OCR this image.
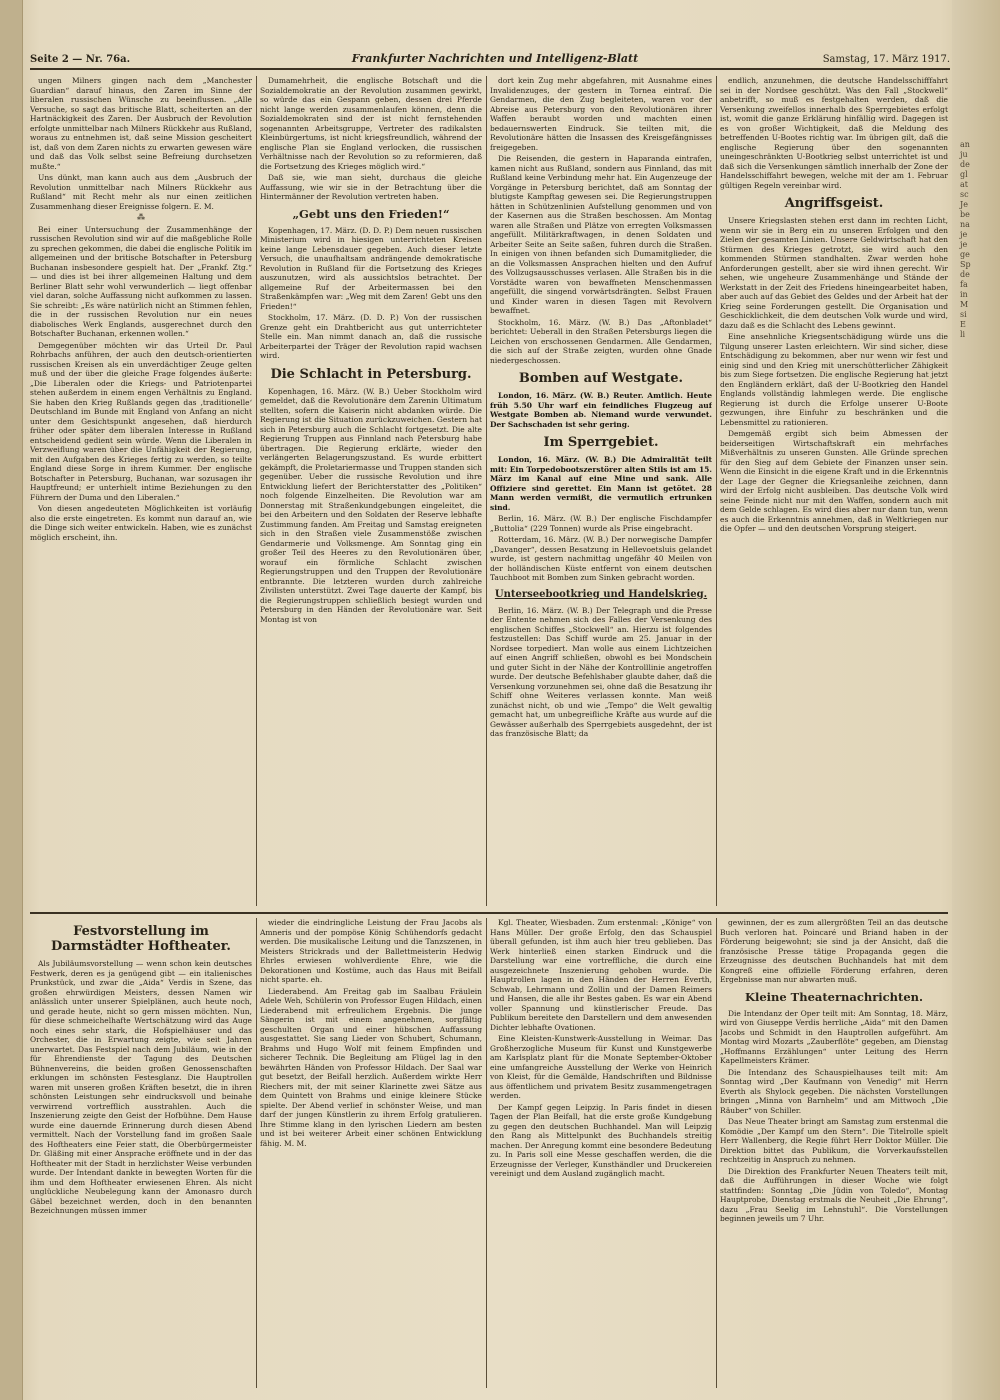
an
ju
de
gl
at
sc
Je
be
na
je
je
ge
Sp
de
fa
in
M
si
E
li
Seite 2 — Nr. 76a.	Frankfurter Nachrichten und Intelligenz-Blatt	Samstag, 17. März 1917.

ungen Milners gingen nach dem „Manchester Guardian“ darauf hinaus, den Zaren im Sinne der liberalen russischen Wünsche zu beeinflussen. „Alle Versuche, so sagt das britische Blatt, scheiterten an der Hartnäckigkeit des Zaren. Der Ausbruch der Revolution erfolgte unmittelbar nach Milners Rückkehr aus Rußland, woraus zu entnehmen ist, daß seine Mission gescheitert ist, daß von dem Zaren nichts zu erwarten gewesen wäre und daß das Volk selbst seine Befreiung durchsetzen mußte.“

Uns dünkt, man kann auch aus dem „Ausbruch der Revolution unmittelbar nach Milners Rückkehr aus Rußland“ mit Recht mehr als nur einen zeitlichen Zusammenhang dieser Ereignisse folgern. E. M.

⁂

Bei einer Untersuchung der Zusammenhänge der russischen Revolution sind wir auf die maßgebliche Rolle zu sprechen gekommen, die dabei die englische Politik im allgemeinen und der britische Botschafter in Petersburg Buchanan insbesondere gespielt hat. Der „Frankf. Ztg.“ — und dies ist bei ihrer allgemeinen Haltung und dem Berliner Blatt sehr wohl verwunderlich — liegt offenbar viel daran, solche Auffassung nicht aufkommen zu lassen. Sie schreibt: „Es wäre natürlich nicht an Stimmen fehlen, die in der russischen Revolution nur ein neues diabolisches Werk Englands, ausgerechnet durch den Botschafter Buchanan, erkennen wollen.“

Demgegenüber möchten wir das Urteil Dr. Paul Rohrbachs anführen, der auch den deutsch-orientierten russischen Kreisen als ein unverdächtiger Zeuge gelten muß und der über die gleiche Frage folgendes äußerte: „Die Liberalen oder die Kriegs- und Patriotenpartei stehen außerdem in einem engen Verhältnis zu England. Sie haben den Krieg Rußlands gegen das ‚traditionelle‘ Deutschland im Bunde mit England von Anfang an nicht unter dem Gesichtspunkt angesehen, daß hierdurch früher oder später dem liberalen Interesse in Rußland entscheidend gedient sein würde. Wenn die Liberalen in Verzweiflung waren über die Unfähigkeit der Regierung, mit den Aufgaben des Krieges fertig zu werden, so teilte England diese Sorge in ihrem Kummer. Der englische Botschafter in Petersburg, Buchanan, war sozusagen ihr Hauptfreund; er unterhielt intime Beziehungen zu den Führern der Duma und den Liberalen.“

Von diesen angedeuteten Möglichkeiten ist vorläufig also die erste eingetreten. Es kommt nun darauf an, wie die Dinge sich weiter entwickeln. Haben, wie es zunächst möglich erscheint, ihn.

Dumamehrheit, die englische Botschaft und die Sozialdemokratie an der Revolution zusammen gewirkt, so würde das ein Gespann geben, dessen drei Pferde nicht lange werden zusammenlaufen können, denn die Sozialdemokraten sind der ist nicht fernstehenden sogenannten Arbeitsgruppe, Vertreter des radikalsten Kleinbürgertums, ist nicht kriegsfreundlich, während der englische Plan sie England verlocken, die russischen Verhältnisse nach der Revolution so zu reformieren, daß die Fortsetzung des Krieges möglich wird.“

Daß sie, wie man sieht, durchaus die gleiche Auffassung, wie wir sie in der Betrachtung über die Hintermänner der Revolution vertreten haben.

„Gebt uns den Frieden!“

Kopenhagen, 17. März. (D. D. P.) Dem neuen russischen Ministerium wird in hiesigen unterrichteten Kreisen keine lange Lebensdauer gegeben. Auch dieser letzte Versuch, die unaufhaltsam andrängende demokratische Revolution in Rußland für die Fortsetzung des Krieges auszunutzen, wird als aussichtslos betrachtet. Der allgemeine Ruf der Arbeitermassen bei den Straßenkämpfen war: „Weg mit dem Zaren! Gebt uns den Frieden!“

Stockholm, 17. März. (D. D. P.) Von der russischen Grenze geht ein Drahtbericht aus gut unterrichteter Stelle ein. Man nimmt danach an, daß die russische Arbeiterpartei der Träger der Revolution rapid wachsen wird.

Die Schlacht in Petersburg.

Kopenhagen, 16. März. (W. B.) Ueber Stockholm wird gemeldet, daß die Revolutionäre dem Zarenin Ultimatum stellten, sofern die Kaiserin nicht abdanken würde. Die Regierung ist die Situation zurückzuweichen. Gestern hat sich in Petersburg auch die Schlacht fortgesetzt. Die alte Regierung Truppen aus Finnland nach Petersburg habe übertragen. Die Regierung erklärte, wieder den verlängerten Belagerungszustand. Es wurde erbittert gekämpft, die Proletariermasse und Truppen standen sich gegenüber. Ueber die russische Revolution und ihre Entwicklung liefert der Berichterstatter des „Politiken“ noch folgende Einzelheiten. Die Revolution war am Donnerstag mit Straßenkundgebungen eingeleitet, die bei den Arbeitern und den Soldaten der Reserve lebhafte Zustimmung fanden. Am Freitag und Samstag ereigneten sich in den Straßen viele Zusammenstöße zwischen Gendarmerie und Volksmenge. Am Sonntag ging ein großer Teil des Heeres zu den Revolutionären über, worauf ein förmliche Schlacht zwischen Regierungstruppen und den Truppen der Revolutionäre entbrannte. Die letzteren wurden durch zahlreiche Zivilisten unterstützt. Zwei Tage dauerte der Kampf, bis die Regierungstruppen schließlich besiegt wurden und Petersburg in den Händen der Revolutionäre war. Seit Montag ist von

dort kein Zug mehr abgefahren, mit Ausnahme eines Invalidenzuges, der gestern in Tornea eintraf. Die Gendarmen, die den Zug begleiteten, waren vor der Abreise aus Petersburg von den Revolutionären ihrer Waffen beraubt worden und machten einen bedauernswerten Eindruck. Sie teilten mit, die Revolutionäre hätten die Insassen des Kreisgefängnisses freigegeben.

Die Reisenden, die gestern in Haparanda eintrafen, kamen nicht aus Rußland, sondern aus Finnland, das mit Rußland keine Verbindung mehr hat. Ein Augenzeuge der Vorgänge in Petersburg berichtet, daß am Sonntag der blutigste Kampftag gewesen sei. Die Regierungstruppen hätten in Schützenlinien Aufstellung genommen und von der Kasernen aus die Straßen beschossen. Am Montag waren alle Straßen und Plätze von erregten Volksmassen angefüllt. Militärkraftwagen, in denen Soldaten und Arbeiter Seite an Seite saßen, fuhren durch die Straßen. In einigen von ihnen befanden sich Dumamitglieder, die an die Volksmassen Ansprachen hielten und den Aufruf des Vollzugsausschusses verlasen. Alle Straßen bis in die Vorstädte waren von bewaffneten Menschenmassen angefüllt, die singend vorwärtsdrängten. Selbst Frauen und Kinder waren in diesen Tagen mit Revolvern bewaffnet.

Stockholm, 16. März. (W. B.) Das „Aftonbladet“ berichtet: Ueberall in den Straßen Petersburgs liegen die Leichen von erschossenen Gendarmen. Alle Gendarmen, die sich auf der Straße zeigten, wurden ohne Gnade niedergeschossen.

Bomben auf Westgate.

London, 16. März. (W. B.) Reuter. Amtlich. Heute früh 5.50 Uhr warf ein feindliches Flugzeug auf Westgate Bomben ab. Niemand wurde verwundet. Der Sachschaden ist sehr gering.

Im Sperrgebiet.

London, 16. März. (W. B.) Die Admiralität teilt mit: Ein Torpedobootszerstörer alten Stils ist am 15. März im Kanal auf eine Mine und sank. Alle Offiziere sind gerettet. Ein Mann ist getötet. 28 Mann werden vermißt, die vermutlich ertrunken sind.

Berlin, 16. März. (W. B.) Der englische Fischdampfer „Buttolia“ (229 Tonnen) wurde als Prise eingebracht.

Rotterdam, 16. März. (W. B.) Der norwegische Dampfer „Davanger“, dessen Besatzung in Hellevoetsluis gelandet wurde, ist gestern nachmittag ungefähr 40 Meilen von der holländischen Küste entfernt von einem deutschen Tauchboot mit Bomben zum Sinken gebracht worden.

Unterseebootkrieg und Handelskrieg.

Berlin, 16. März. (W. B.) Der Telegraph und die Presse der Entente nehmen sich des Falles der Versenkung des englischen Schiffes „Stockwell“ an. Hierzu ist folgendes festzustellen: Das Schiff wurde am 25. Januar in der Nordsee torpediert. Man wolle aus einem Lichtzeichen auf einen Angriff schließen, obwohl es bei Mondschein und guter Sicht in der Nähe der Kontrolllinie angetroffen wurde. Der deutsche Befehlshaber glaubte daher, daß die Versenkung vorzunehmen sei, ohne daß die Besatzung ihr Schiff ohne Weiteres verlassen konnte. Man weiß zunächst nicht, ob und wie „Tempo“ die Welt gewaltig gemacht hat, um unbegreifliche Kräfte aus wurde auf die Gewässer außerhalb des Sperrgebiets ausgedehnt, der ist das französische Blatt; da

endlich, anzunehmen, die deutsche Handelsschifffahrt sei in der Nordsee geschützt. Was den Fall „Stockwell“ anbetrifft, so muß es festgehalten werden, daß die Versenkung zweifellos innerhalb des Sperrgebietes erfolgt ist, womit die ganze Erklärung hinfällig wird. Dagegen ist es von großer Wichtigkeit, daß die Meldung des betreffenden U-Bootes richtig war. Im übrigen gilt, daß die englische Regierung über den sogenannten uneingeschränkten U-Bootkrieg selbst unterrichtet ist und daß sich die Versenkungen sämtlich innerhalb der Zone der Handelsschiffahrt bewegen, welche mit der am 1. Februar gültigen Regeln vereinbar wird.

Angriffsgeist.

Unsere Kriegslasten stehen erst dann im rechten Licht, wenn wir sie in Berg ein zu unseren Erfolgen und den Zielen der gesamten Linien. Unsere Geldwirtschaft hat den Stürmen des Krieges getrotzt, sie wird auch den kommenden Stürmen standhalten. Zwar werden hohe Anforderungen gestellt, aber sie wird ihnen gerecht. Wir sehen, wie ungeheure Zusammenhänge und Stände der Werkstatt in der Zeit des Friedens hineingearbeitet haben, aber auch auf das Gebiet des Geldes und der Arbeit hat der Krieg seine Forderungen gestellt. Die Organisation und Geschicklichkeit, die dem deutschen Volk wurde und wird, dazu daß es die Schlacht des Lebens gewinnt.

Eine ansehnliche Kriegsentschädigung würde uns die Tilgung unserer Lasten erleichtern. Wir sind sicher, diese Entschädigung zu bekommen, aber nur wenn wir fest und einig sind und den Krieg mit unerschütterlicher Zähigkeit bis zum Siege fortsetzen. Die englische Regierung hat jetzt den Engländern erklärt, daß der U-Bootkrieg den Handel Englands vollständig lahmlegen werde. Die englische Regierung ist durch die Erfolge unserer U-Boote gezwungen, ihre Einfuhr zu beschränken und die Lebensmittel zu rationieren.

Demgemäß ergibt sich beim Abmessen der beiderseitigen Wirtschaftskraft ein mehrfaches Mißverhältnis zu unseren Gunsten. Alle Gründe sprechen für den Sieg auf dem Gebiete der Finanzen unser sein. Wenn die Einsicht in die eigene Kraft und in die Erkenntnis der Lage der Gegner die Kriegsanleihe zeichnen, dann wird der Erfolg nicht ausbleiben. Das deutsche Volk wird seine Feinde nicht nur mit den Waffen, sondern auch mit dem Gelde schlagen. Es wird dies aber nur dann tun, wenn es auch die Erkenntnis annehmen, daß in Weltkriegen nur die Opfer — und den deutschen Vorsprung steigert.

Festvorstellung im Darmstädter Hoftheater.

Als Jubiläumsvorstellung — wenn schon kein deutsches Festwerk, deren es ja genügend gibt — ein italienisches Prunkstück, und zwar die „Aida“ Verdis in Szene, das großen ehrwürdigen Meisters, dessen Namen wir anlässlich unter unserer Spielplänen, auch heute noch, und gerade heute, nicht so gern missen möchten. Nun, für diese schmeichelhafte Wertschätzung wird das Auge noch eines sehr stark, die Hofspielhäuser und das Orchester, die in Erwartung zeigte, wie seit Jahren unerwartet. Das Festspiel nach dem Jubiläum, wie in der für Ehrendienste der Tagung des Deutschen Bühnenvereins, die beiden großen Genossenschaften erklungen im schönsten Festesglanz. Die Hauptrollen waren mit unseren großen Kräften besetzt, die in ihren schönsten Leistungen sehr eindrucksvoll und beinahe verwirrend vortrefflich ausstrahlen. Auch die Inszenierung zeigte den Geist der Hofbühne. Dem Hause wurde eine dauernde Erinnerung durch diesen Abend vermittelt. Nach der Vorstellung fand im großen Saale des Hoftheaters eine Feier statt, die Oberbürgermeister Dr. Gläßing mit einer Ansprache eröffnete und in der das Hoftheater mit der Stadt in herzlichster Weise verbunden wurde. Der Intendant dankte in bewegten Worten für die ihm und dem Hoftheater erwiesenen Ehren. Als nicht unglückliche Neubelegung kann der Amonasro durch Gäbel bezeichnet werden, doch in den benannten Bezeichnungen müssen immer

wieder die eindringliche Leistung der Frau Jacobs als Amneris und der pompöse König Schühendorfs gedacht werden. Die musikalische Leitung und die Tanzszenen, in Meisters Strickrads und der Ballettmeisterin Hedwig Ehrles erwiesen wohlverdiente Ehre, wie die Dekorationen und Kostüme, auch das Haus mit Beifall nicht sparte. eh.

Liederabend. Am Freitag gab im Saalbau Fräulein Adele Weh, Schülerin von Professor Eugen Hildach, einen Liederabend mit erfreulichem Ergebnis. Die junge Sängerin ist mit einem angenehmen, sorgfältig geschulten Organ und einer hübschen Auffassung ausgestattet. Sie sang Lieder von Schubert, Schumann, Brahms und Hugo Wolf mit feinem Empfinden und sicherer Technik. Die Begleitung am Flügel lag in den bewährten Händen von Professor Hildach. Der Saal war gut besetzt, der Beifall herzlich. Außerdem wirkte Herr Riechers mit, der mit seiner Klarinette zwei Sätze aus dem Quintett von Brahms und einige kleinere Stücke spielte. Der Abend verlief in schönster Weise, und man darf der jungen Künstlerin zu ihrem Erfolg gratulieren. Ihre Stimme klang in den lyrischen Liedern am besten und ist bei weiterer Arbeit einer schönen Entwicklung fähig. M. M.

Kgl. Theater, Wiesbaden. Zum erstenmal: „Könige“ von Hans Müller. Der große Erfolg, den das Schauspiel überall gefunden, ist ihm auch hier treu geblieben. Das Werk hinterließ einen starken Eindruck und die Darstellung war eine vortreffliche, die durch eine ausgezeichnete Inszenierung gehoben wurde. Die Hauptrollen lagen in den Händen der Herren Everth, Schwab, Lehrmann und Zollin und der Damen Reimers und Hansen, die alle ihr Bestes gaben. Es war ein Abend voller Spannung und künstlerischer Freude. Das Publikum bereitete den Darstellern und dem anwesenden Dichter lebhafte Ovationen.

Eine Kleisten-Kunstwerk-Ausstellung in Weimar. Das Großherzogliche Museum für Kunst und Kunstgewerbe am Karlsplatz plant für die Monate September-Oktober eine umfangreiche Ausstellung der Werke von Heinrich von Kleist, für die Gemälde, Handschriften und Bildnisse aus öffentlichem und privatem Besitz zusammengetragen werden.

Der Kampf gegen Leipzig. In Paris findet in diesen Tagen der Plan Beifall, hat die erste große Kundgebung zu gegen den deutschen Buchhandel. Man will Leipzig den Rang als Mittelpunkt des Buchhandels streitig machen. Der Anregung kommt eine besondere Bedeutung zu. In Paris soll eine Messe geschaffen werden, die die Erzeugnisse der Verleger, Kunsthändler und Druckereien vereinigt und dem Ausland zugänglich macht.

gewinnen, der es zum allergrößten Teil an das deutsche Buch verloren hat. Poincaré und Briand haben in der Förderung beigewohnt; sie sind ja der Ansicht, daß die französische Presse tätige Propaganda gegen die Erzeugnisse des deutschen Buchhandels hat mit dem Kongreß eine offizielle Förderung erfahren, deren Ergebnisse man nur abwarten muß.

Kleine Theaternachrichten.

Die Intendanz der Oper teilt mit: Am Sonntag, 18. März, wird von Giuseppe Verdis herrliche „Aida“ mit den Damen Jacobs und Schmidt in den Hauptrollen aufgeführt. Am Montag wird Mozarts „Zauberflöte“ gegeben, am Dienstag „Hoffmanns Erzählungen“ unter Leitung des Herrn Kapellmeisters Krämer.

Die Intendanz des Schauspielhauses teilt mit: Am Sonntag wird „Der Kaufmann von Venedig“ mit Herrn Everth als Shylock gegeben. Die nächsten Vorstellungen bringen „Minna von Barnhelm“ und am Mittwoch „Die Räuber“ von Schiller.

Das Neue Theater bringt am Samstag zum erstenmal die Komödie „Der Kampf um den Stern“. Die Titelrolle spielt Herr Wallenberg, die Regie führt Herr Doktor Müller. Die Direktion bittet das Publikum, die Vorverkaufsstellen rechtzeitig in Anspruch zu nehmen.

Die Direktion des Frankfurter Neuen Theaters teilt mit, daß die Aufführungen in dieser Woche wie folgt stattfinden: Sonntag „Die Jüdin von Toledo“, Montag Hauptprobe, Dienstag erstmals die Neuheit „Die Ehrung“, dazu „Frau Seelig im Lehnstuhl“. Die Vorstellungen beginnen jeweils um 7 Uhr.
